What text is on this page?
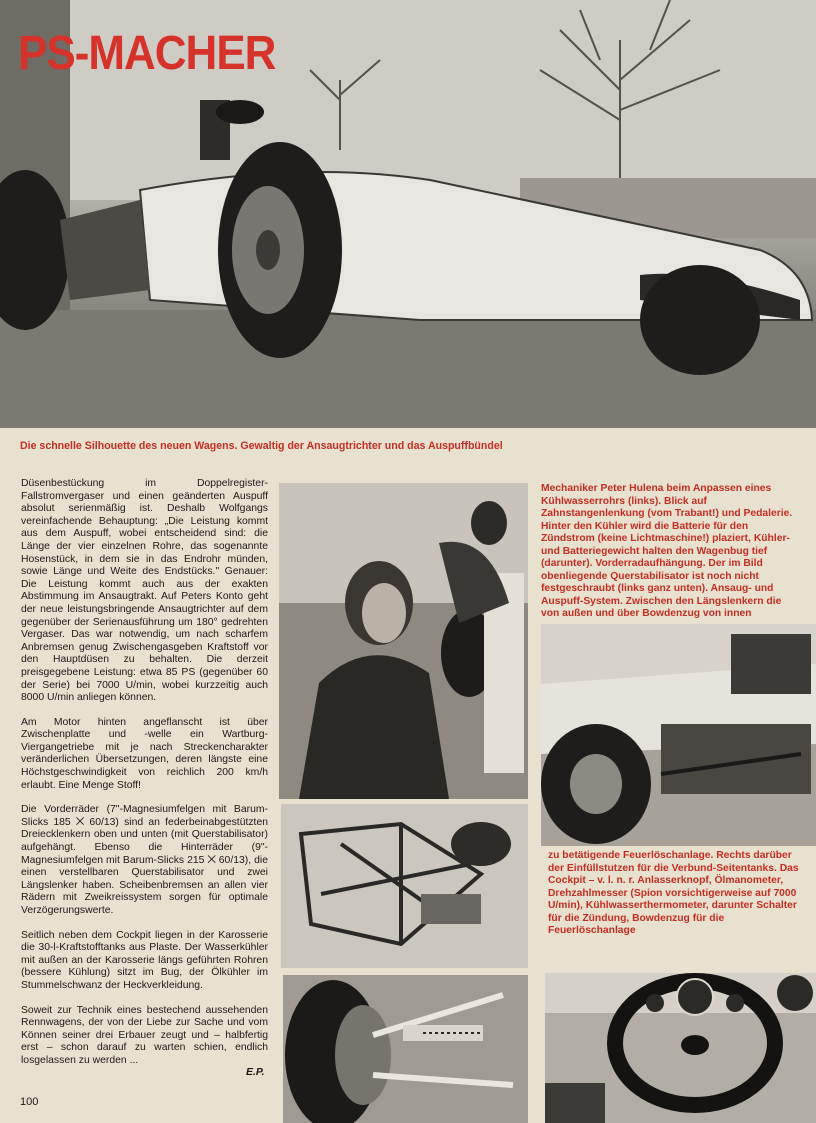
PS-MACHER
Die schnelle Silhouette des neuen Wagens. Gewaltig der Ansaugtrichter und das Auspuffbündel

Düsenbestückung im Doppelregister-Fallstromvergaser und einen geänderten Auspuff absolut serienmäßig ist. Deshalb Wolfgangs vereinfachende Behauptung: „Die Leistung kommt aus dem Auspuff, wobei entscheidend sind: die Länge der vier einzelnen Rohre, das sogenannte Hosenstück, in dem sie in das Endrohr münden, sowie Länge und Weite des Endstücks." Genauer: Die Leistung kommt auch aus der exakten Abstimmung im Ansaugtrakt. Auf Peters Konto geht der neue leistungsbringende Ansaugtrichter auf dem gegenüber der Serienausführung um 180° gedrehten Vergaser. Das war notwendig, um nach scharfem Anbremsen genug Zwischengasgeben Kraftstoff vor den Hauptdüsen zu behalten. Die derzeit preisgegebene Leistung: etwa 85 PS (gegenüber 60 der Serie) bei 7000 U/min, wobei kurzzeitig auch 8000 U/min anliegen können.

Am Motor hinten angeflanscht ist über Zwischenplatte und -welle ein Wartburg-Viergangetriebe mit je nach Streckencharakter veränderlichen Übersetzungen, deren längste eine Höchstgeschwindigkeit von reichlich 200 km/h erlaubt. Eine Menge Stoff!

Die Vorderräder (7"-Magnesiumfelgen mit Barum-Slicks 185 ⨉ 60/13) sind an federbeinabgestützten Dreiecklenkern oben und unten (mit Querstabilisator) aufgehängt. Ebenso die Hinterräder (9"-Magnesiumfelgen mit Barum-Slicks 215 ⨉ 60/13), die einen verstellbaren Querstabilisator und zwei Längslenker haben. Scheibenbremsen an allen vier Rädern mit Zweikreissystem sorgen für optimale Verzögerungswerte.

Seitlich neben dem Cockpit liegen in der Karosserie die 30-l-Kraftstofftanks aus Plaste. Der Wasserkühler mit außen an der Karosserie längs geführten Rohren (bessere Kühlung) sitzt im Bug, der Ölkühler im Stummelschwanz der Heckverkleidung.

Soweit zur Technik eines bestechend aussehenden Rennwagens, der von der Liebe zur Sache und vom Können seiner drei Erbauer zeugt und – halbfertig erst – schon darauf zu warten schien, endlich losgelassen zu werden ...

E.P.
100
Mechaniker Peter Hulena beim Anpassen eines Kühlwasserrohrs (links). Blick auf Zahnstangenlenkung (vom Trabant!) und Pedalerie. Hinter den Kühler wird die Batterie für den Zündstrom (keine Lichtmaschine!) plaziert, Kühler- und Batteriegewicht halten den Wagenbug tief (darunter). Vorderradaufhängung. Der im Bild obenliegende Querstabilisator ist noch nicht festgeschraubt (links ganz unten). Ansaug- und Auspuff-System. Zwischen den Längslenkern die von außen und über Bowdenzug von innen
zu betätigende Feuerlöschanlage. Rechts darüber der Einfüllstutzen für die Verbund-Seitentanks. Das Cockpit – v. l. n. r. Anlasserknopf, Ölmanometer, Drehzahlmesser (Spion vorsichtigerweise auf 7000 U/min), Kühlwasserthermometer, darunter Schalter für die Zündung, Bowdenzug für die Feuerlöschanlage
